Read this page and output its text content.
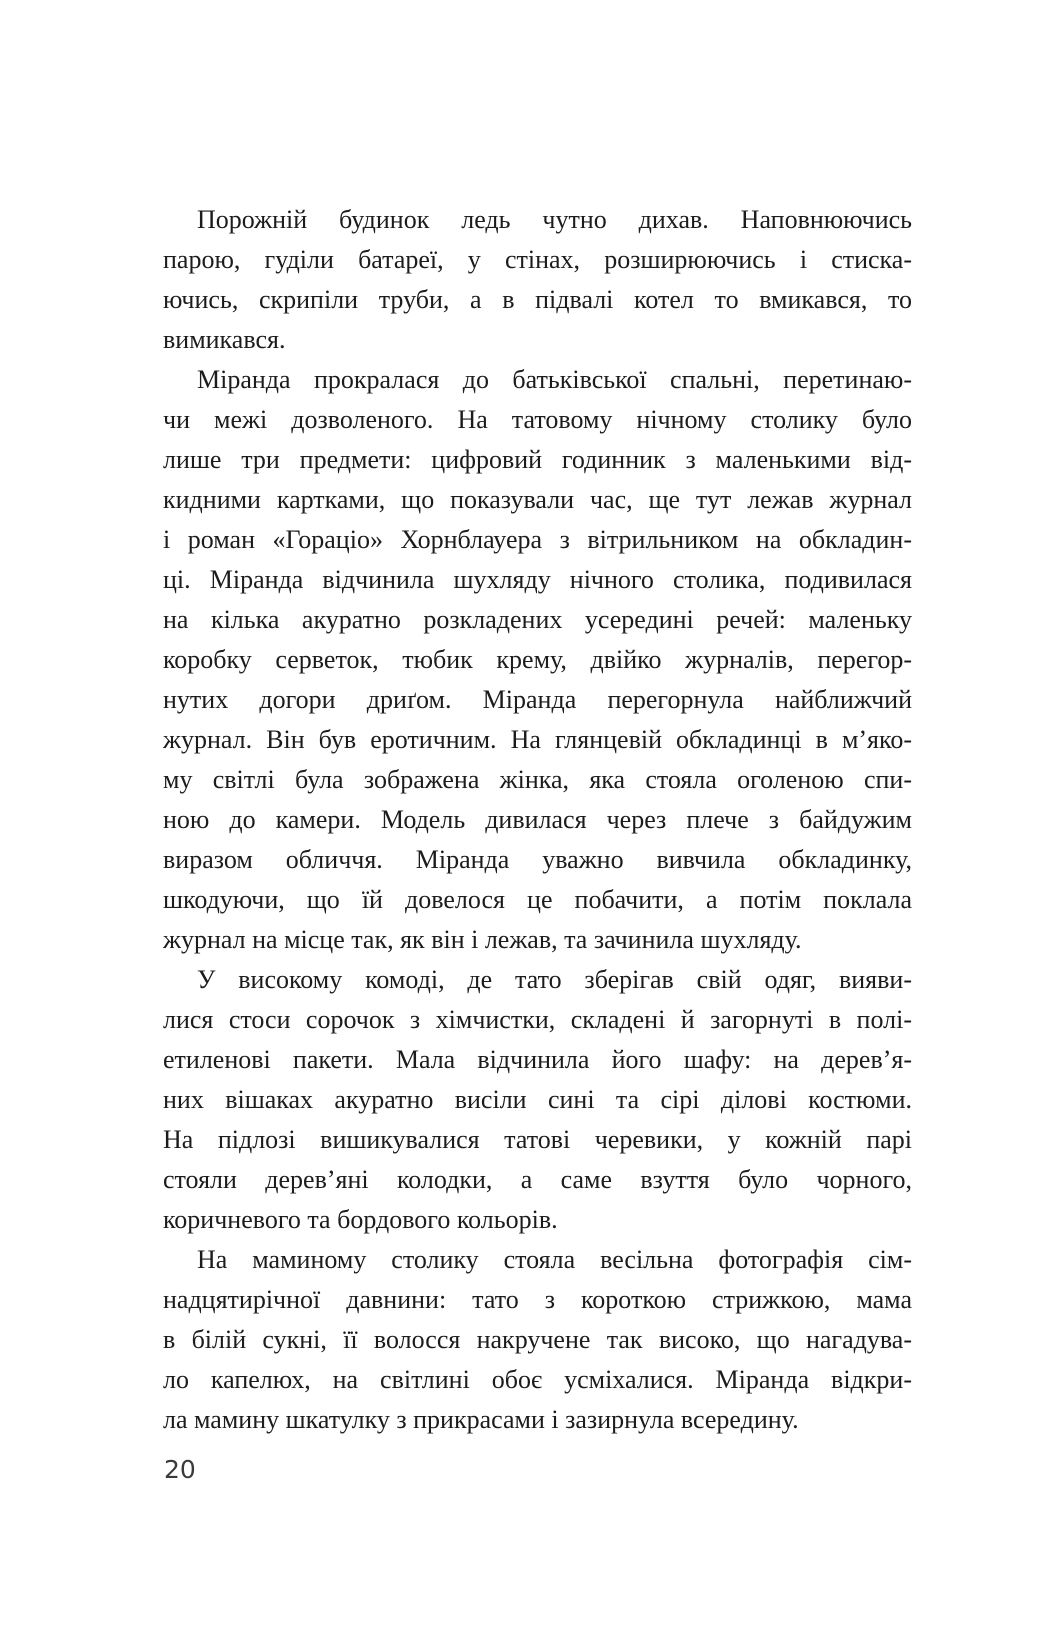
Порожній будинок ледь чутно дихав. Наповнюючись
парою, гуділи батареї, у стінах, розширюючись і стиска-
ючись, скрипіли труби, а в підвалі котел то вмикався, то
вимикався.
Міранда прокралася до батьківської спальні, перетинаю-
чи межі дозволеного. На татовому нічному столику було
лише три предмети: цифровий годинник з маленькими від-
кидними картками, що показували час, ще тут лежав журнал
і роман «Гораціо» Хорнблауера з вітрильником на обкладин-
ці. Міранда відчинила шухляду нічного столика, подивилася
на кілька акуратно розкладених усередині речей: маленьку
коробку серветок, тюбик крему, двійко журналів, перегор-
нутих догори дриґом. Міранда перегорнула найближчий
журнал. Він був еротичним. На глянцевій обкладинці в м’яко-
му світлі була зображена жінка, яка стояла оголеною спи-
ною до камери. Модель дивилася через плече з байдужим
виразом обличчя. Міранда уважно вивчила обкладинку,
шкодуючи, що їй довелося це побачити, а потім поклала
журнал на місце так, як він і лежав, та зачинила шухляду.
У високому комоді, де тато зберігав свій одяг, вияви-
лися стоси сорочок з хімчистки, складені й загорнуті в полі-
етиленові пакети. Мала відчинила його шафу: на дерев’я-
них вішаках акуратно висіли сині та сірі ділові костюми.
На підлозі вишикувалися татові черевики, у кожній парі
стояли дерев’яні колодки, а саме взуття було чорного,
коричневого та бордового кольорів.
На маминому столику стояла весільна фотографія сім-
надцятирічної давнини: тато з короткою стрижкою, мама
в білій сукні, її волосся накручене так високо, що нагадува-
ло капелюх, на світлині обоє усміхалися. Міранда відкри-
ла мамину шкатулку з прикрасами і зазирнула всередину.
20
